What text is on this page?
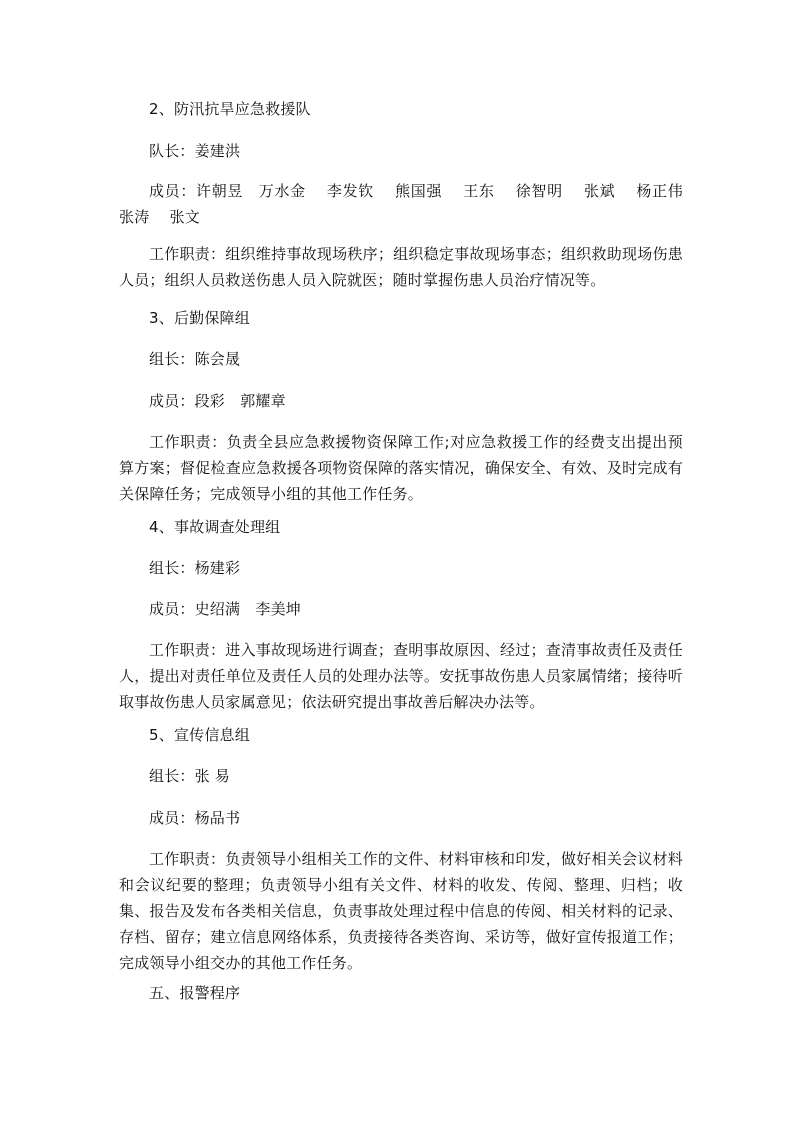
2、防汛抗旱应急救援队

队长：姜建洪

成员：许朝昱　万水金　 李发钦　 熊国强　 王东　 徐智明　 张斌　 杨正伟　 张涛　 张文

工作职责：组织维持事故现场秩序；组织稳定事故现场事态；组织救助现场伤患人员；组织人员救送伤患人员入院就医；随时掌握伤患人员治疗情况等。

3、后勤保障组

组长：陈会晟

成员：段彩　郭耀章

工作职责：负责全县应急救援物资保障工作;对应急救援工作的经费支出提出预算方案；督促检查应急救援各项物资保障的落实情况，确保安全、有效、及时完成有关保障任务；完成领导小组的其他工作任务。

4、事故调查处理组

组长：杨建彩

成员：史绍满　李美坤

工作职责：进入事故现场进行调查；查明事故原因、经过；查清事故责任及责任人，提出对责任单位及责任人员的处理办法等。安抚事故伤患人员家属情绪；接待听取事故伤患人员家属意见；依法研究提出事故善后解决办法等。

5、宣传信息组

组长：张 易

成员：杨品书

工作职责：负责领导小组相关工作的文件、材料审核和印发，做好相关会议材料和会议纪要的整理；负责领导小组有关文件、材料的收发、传阅、整理、归档；收集、报告及发布各类相关信息，负责事故处理过程中信息的传阅、相关材料的记录、存档、留存；建立信息网络体系，负责接待各类咨询、采访等，做好宣传报道工作；完成领导小组交办的其他工作任务。

五、报警程序
